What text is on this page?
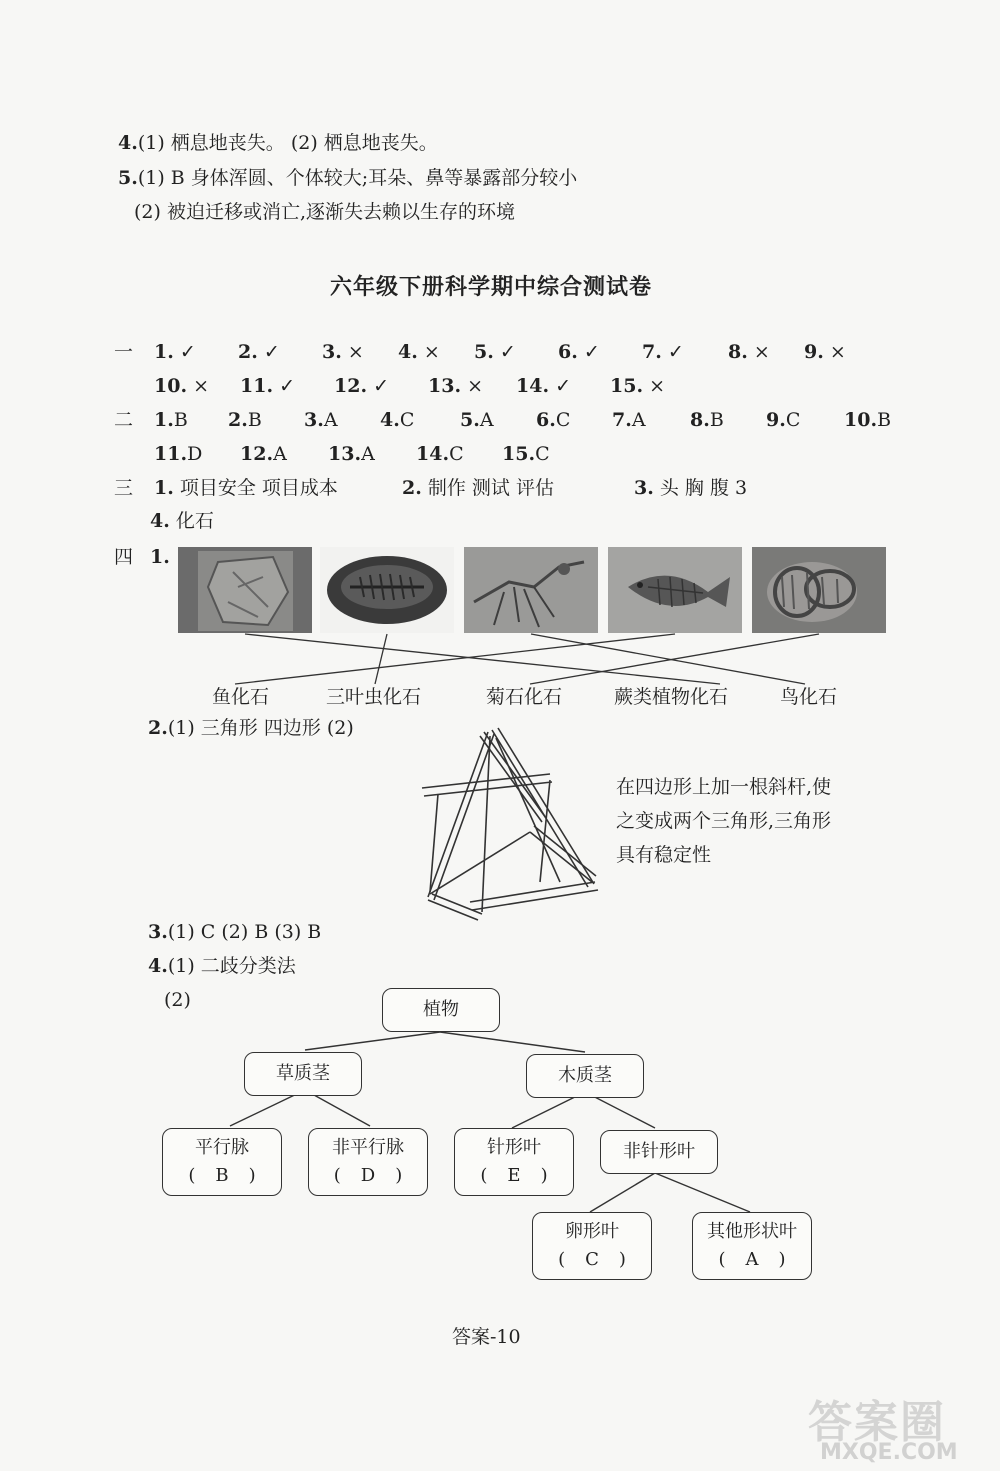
4.(1) 栖息地丧失。 (2) 栖息地丧失。
5.(1) B 身体浑圆、个体较大;耳朵、鼻等暴露部分较小
(2) 被迫迁移或消亡,逐渐失去赖以生存的环境
六年级下册科学期中综合测试卷
一 1. ✓ 2. ✓ 3. × 4. × 5. ✓ 6. ✓ 7. ✓ 8. × 9. ×
10. × 11. ✓ 12. ✓ 13. × 14. ✓ 15. ×
二 1.B 2.B 3.A 4.C 5.A 6.C 7.A 8.B 9.C 10.B
11.D 12.A 13.A 14.C 15.C
三 1. 项目安全 项目成本	2. 制作 测试 评估	3. 头 胸 腹 3
4. 化石
四 1.
鱼化石	三叶虫化石	菊石化石	蕨类植物化石	鸟化石
2.(1) 三角形 四边形 (2)
在四边形上加一根斜杆,使
之变成两个三角形,三角形
具有稳定性
3.(1) C (2) B (3) B
4.(1) 二歧分类法
(2)	植物
草质茎	木质茎
平行脉
( B )
非平行脉
( D )
针形叶
( E )
非针形叶
卵形叶
( C )
其他形状叶
( A )
答案-10
答案圈
MXQE.COM
